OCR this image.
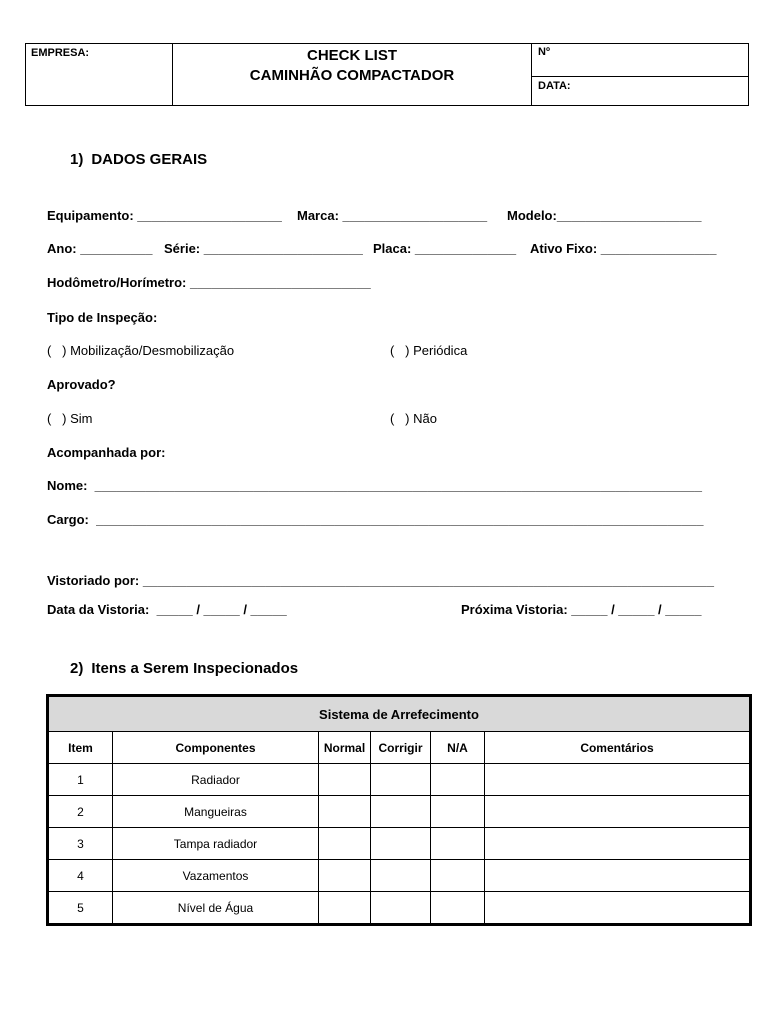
EMPRESA:	CHECK LIST
CAMINHÃO COMPACTADOR

Nº
DATA:
1) DADOS GERAIS
Equipamento: ____________________ Marca: ____________________ Modelo:____________________
Ano: __________ Série: ______________________ Placa: ______________ Ativo Fixo: ________________
Hodômetro/Horímetro: _________________________
Tipo de Inspeção:
(   ) Mobilização/Desmobilização	(   ) Periódica
Aprovado?
(   ) Sim	(   ) Não
Acompanhada por:
Nome:  ____________________________________________________________________________________
Cargo:  ____________________________________________________________________________________
Vistoriado por: _______________________________________________________________________________
Data da Vistoria:  _____ / _____ / _____	Próxima Vistoria: _____ / _____ / _____
2) Itens a Serem Inspecionados
Sistema de Arrefecimento					
Item	Componentes	Normal	Corrigir	N/A	Comentários
1	Radiador				
2	Mangueiras				
3	Tampa radiador				
4	Vazamentos				
5	Nível de Água				
